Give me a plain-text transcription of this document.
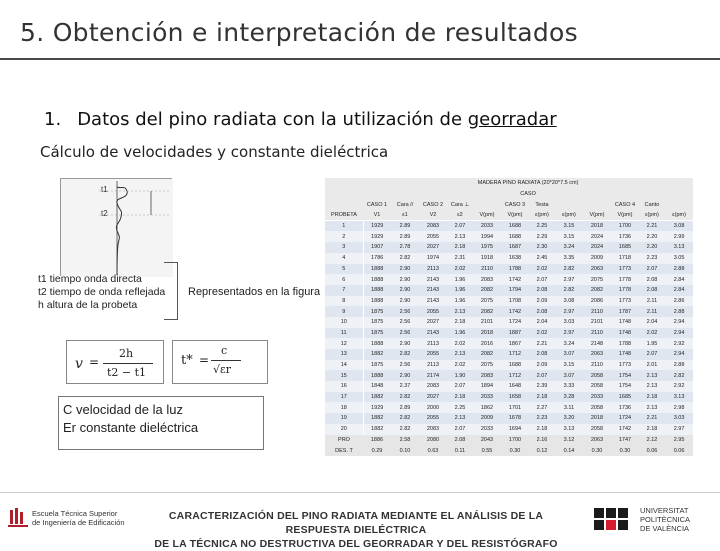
5. Obtención e interpretación de resultados
1. Datos del pino radiata con la utilización de georradar
Cálculo de velocidades y constante dieléctrica
t1
t2
t1 tiempo onda directa
t2 tiempo de onda reflejada
h altura de la probeta
Representados en la figura
v =
2h
t2 − t1
t* =
c
√εr
C velocidad de la luz
Er constante dieléctrica
	MADERA PINO RADIATA (20*20*7.5 cm)											
	CASO											
	CASO 1	Cara //	CASO 2	Cara ⊥		CASO 3	Testa			CASO 4	Canto	
PROBETA	V1	ε1	V2	ε2	V(pm)	V(pm)	ε(pm)	ε(pm)	V(pm)	V(pm)	ε(pm)	ε(pm)
1	1929	2.89	2083	2.07	2033	1688	2.25	3.15	2018	1700	2.21	3.08
2	1929	2.89	2055	2.13	1994	1688	2.29	3.15	2024	1736	2.20	2.99
3	1907	2.78	2027	2.18	1975	1687	2.30	3.24	2024	1685	2.20	3.13
4	1786	2.82	1974	2.31	1918	1638	2.45	3.35	2009	1718	2.23	3.05
5	1888	2.90	2113	2.02	2110	1788	2.02	2.82	2063	1773	2.07	2.88
6	1888	2.90	2143	1.96	2083	1742	2.07	2.97	2075	1778	2.08	2.84
7	1888	2.90	2143	1.96	2082	1794	2.08	2.82	2082	1778	2.08	2.84
8	1888	2.90	2143	1.96	2075	1708	2.09	3.08	2086	1773	2.11	2.86
9	1875	2.56	2055	2.13	2082	1742	2.08	2.97	2110	1787	2.11	2.88
10	1875	2.56	2027	2.18	2101	1724	2.04	3.03	2101	1748	2.04	2.94
11	1875	2.56	2143	1.96	2018	1887	2.02	2.97	2110	1748	2.02	2.94
12	1888	2.90	2113	2.02	2016	1867	2.21	3.24	2148	1788	1.95	2.92
13	1882	2.82	2055	2.13	2082	1712	2.08	3.07	2063	1748	2.07	2.94
14	1875	2.56	2113	2.02	2075	1688	2.09	3.15	2110	1773	2.01	2.88
15	1888	2.90	2174	1.90	2083	1712	2.07	3.07	2058	1754	2.13	2.82
16	1848	2.37	2083	2.07	1894	1648	2.39	3.33	2058	1754	2.13	2.92
17	1882	2.82	2027	2.18	2033	1658	2.18	3.28	2033	1685	2.18	3.13
18	1929	2.89	2000	2.25	1862	1701	2.27	3.11	2058	1736	2.13	2.98
19	1882	2.82	2055	2.13	2009	1678	2.23	3.20	2018	1724	2.21	3.03
20	1882	2.82	2083	2.07	2033	1694	2.18	3.13	2058	1742	2.18	2.97
PRO	1886	2.58	2080	2.08	2043	1700	2.16	3.12	2063	1747	2.12	2.95
DES. T	0.29	0.10	0.63	0.11	0.55	0.30	0.12	0.14	0.30	0.30	0.06	0.06
Escuela Técnica Superior
de Ingeniería de Edificación
CARACTERIZACIÓN DEL PINO RADIATA MEDIANTE EL ANÁLISIS DE LA RESPUESTA DIELÉCTRICA
DE LA TÉCNICA NO DESTRUCTIVA DEL GEORRADAR Y DEL RESISTÓGRAFO
UNIVERSITAT
POLITÈCNICA
DE VALÈNCIA
